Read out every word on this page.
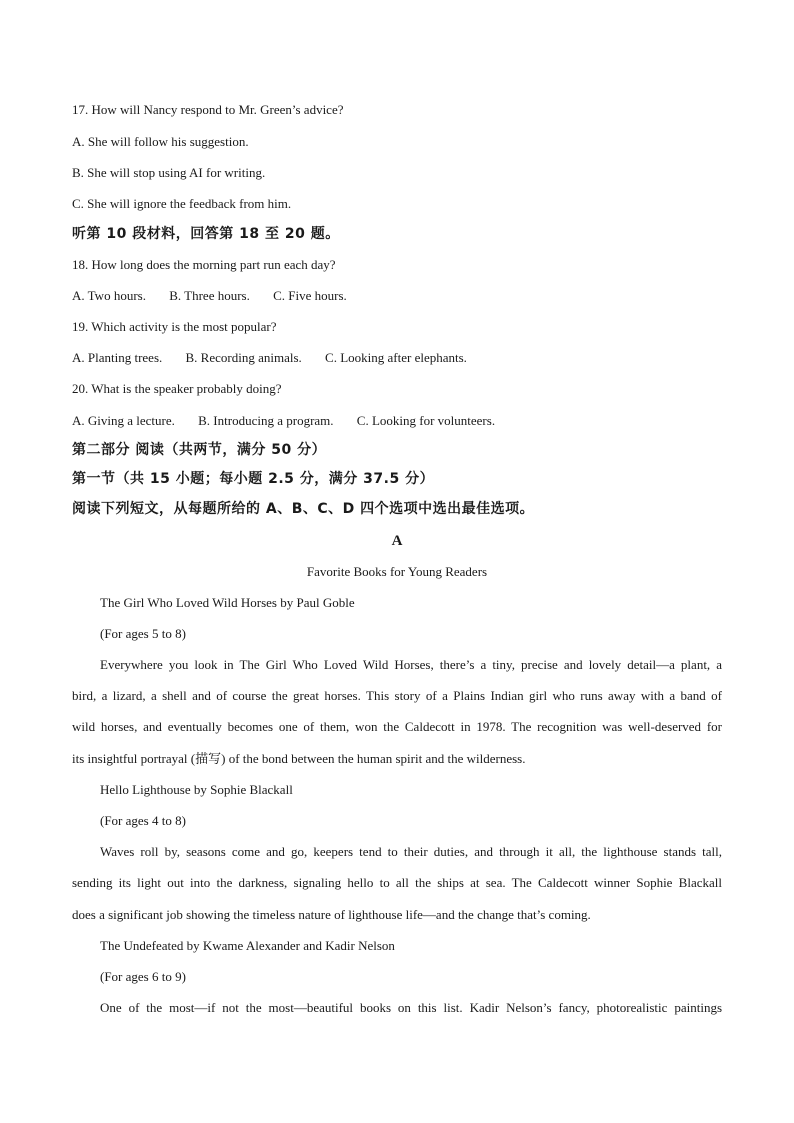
17. How will Nancy respond to Mr. Green’s advice?
A. She will follow his suggestion.
B. She will stop using AI for writing.
C. She will ignore the feedback from him.
听第 10 段材料，回答第 18 至 20 题。
18. How long does the morning part run each day?
A. Two hours. B. Three hours. C. Five hours.
19. Which activity is the most popular?
A. Planting trees. B. Recording animals. C. Looking after elephants.
20. What is the speaker probably doing?
A. Giving a lecture. B. Introducing a program. C. Looking for volunteers.
第二部分 阅读（共两节，满分 50 分）
第一节（共 15 小题；每小题 2.5 分，满分 37.5 分）
阅读下列短文，从每题所给的 A、B、C、D 四个选项中选出最佳选项。
A
Favorite Books for Young Readers
The Girl Who Loved Wild Horses by Paul Goble
(For ages 5 to 8)
Everywhere you look in The Girl Who Loved Wild Horses, there’s a tiny, precise and lovely detail—a plant, a
bird, a lizard, a shell and of course the great horses. This story of a Plains Indian girl who runs away with a band of
wild horses, and eventually becomes one of them, won the Caldecott in 1978. The recognition was well-deserved for
its insightful portrayal (描写) of the bond between the human spirit and the wilderness.
Hello Lighthouse by Sophie Blackall
(For ages 4 to 8)
Waves roll by, seasons come and go, keepers tend to their duties, and through it all, the lighthouse stands tall,
sending its light out into the darkness, signaling hello to all the ships at sea. The Caldecott winner Sophie Blackall
does a significant job showing the timeless nature of lighthouse life—and the change that’s coming.
The Undefeated by Kwame Alexander and Kadir Nelson
(For ages 6 to 9)
One of the most—if not the most—beautiful books on this list. Kadir Nelson’s fancy, photorealistic paintings
